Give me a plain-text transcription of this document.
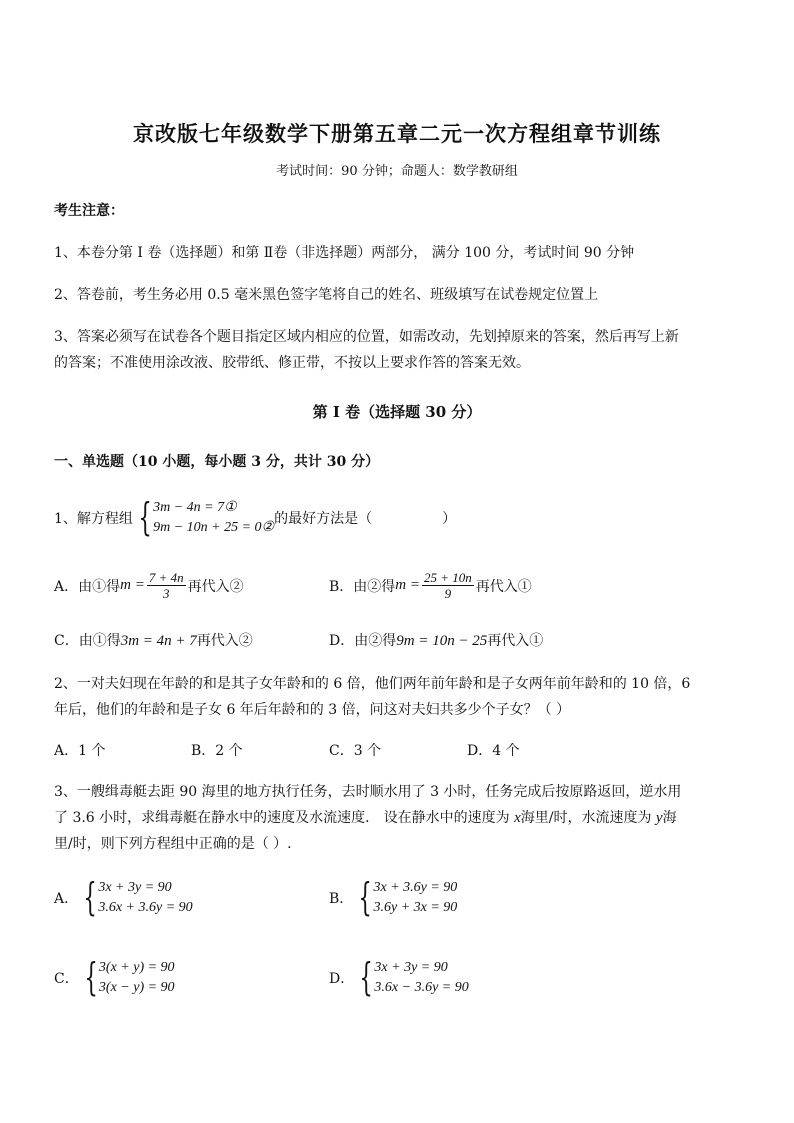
京改版七年级数学下册第五章二元一次方程组章节训练
考试时间：90 分钟；命题人：数学教研组
考生注意：
1、本卷分第 I 卷（选择题）和第 Ⅱ卷（非选择题）两部分， 满分 100 分，考试时间 90 分钟
2、答卷前，考生务必用 0.5 毫米黑色签字笔将自己的姓名、班级填写在试卷规定位置上
3、答案必须写在试卷各个题目指定区域内相应的位置，如需改动，先划掉原来的答案，然后再写上新
的答案；不准使用涂改液、胶带纸、修正带，不按以上要求作答的答案无效。
第 I 卷（选择题 30 分）
一、单选题（10 小题，每小题 3 分，共计 30 分）
1、解方程组 { 3m − 4n = 7①
9m − 10n + 25 = 0②
的最好方法是（	）
A．由①得 $m = \frac{7 + 4n}{3}$ 再代入②	B．由②得 $m = \frac{25 + 10n}{9}$ 再代入①
C．由①得3m = 4n + 7再代入②	D．由②得9m = 10n − 25再代入①
2、一对夫妇现在年龄的和是其子女年龄和的 6 倍，他们两年前年龄和是子女两年前年龄和的 10 倍，6
年后，他们的年龄和是子女 6 年后年龄和的 3 倍，问这对夫妇共多少个子女？（ ）
A．1 个	B．2 个	C．3 个	D．4 个
3、一艘缉毒艇去距 90 海里的地方执行任务，去时顺水用了 3 小时，任务完成后按原路返回，逆水用
了 3.6 小时，求缉毒艇在静水中的速度及水流速度． 设在静水中的速度为 x海里/时，水流速度为 y海
里/时，则下列方程组中正确的是（ ）.
A． { 3x + 3y = 90
3.6x + 3.6y = 90
B． { 3x + 3.6y = 90
3.6y + 3x = 90
C． { 3(x + y) = 90
3(x − y) = 90
D． { 3x + 3y = 90
3.6x − 3.6y = 90
